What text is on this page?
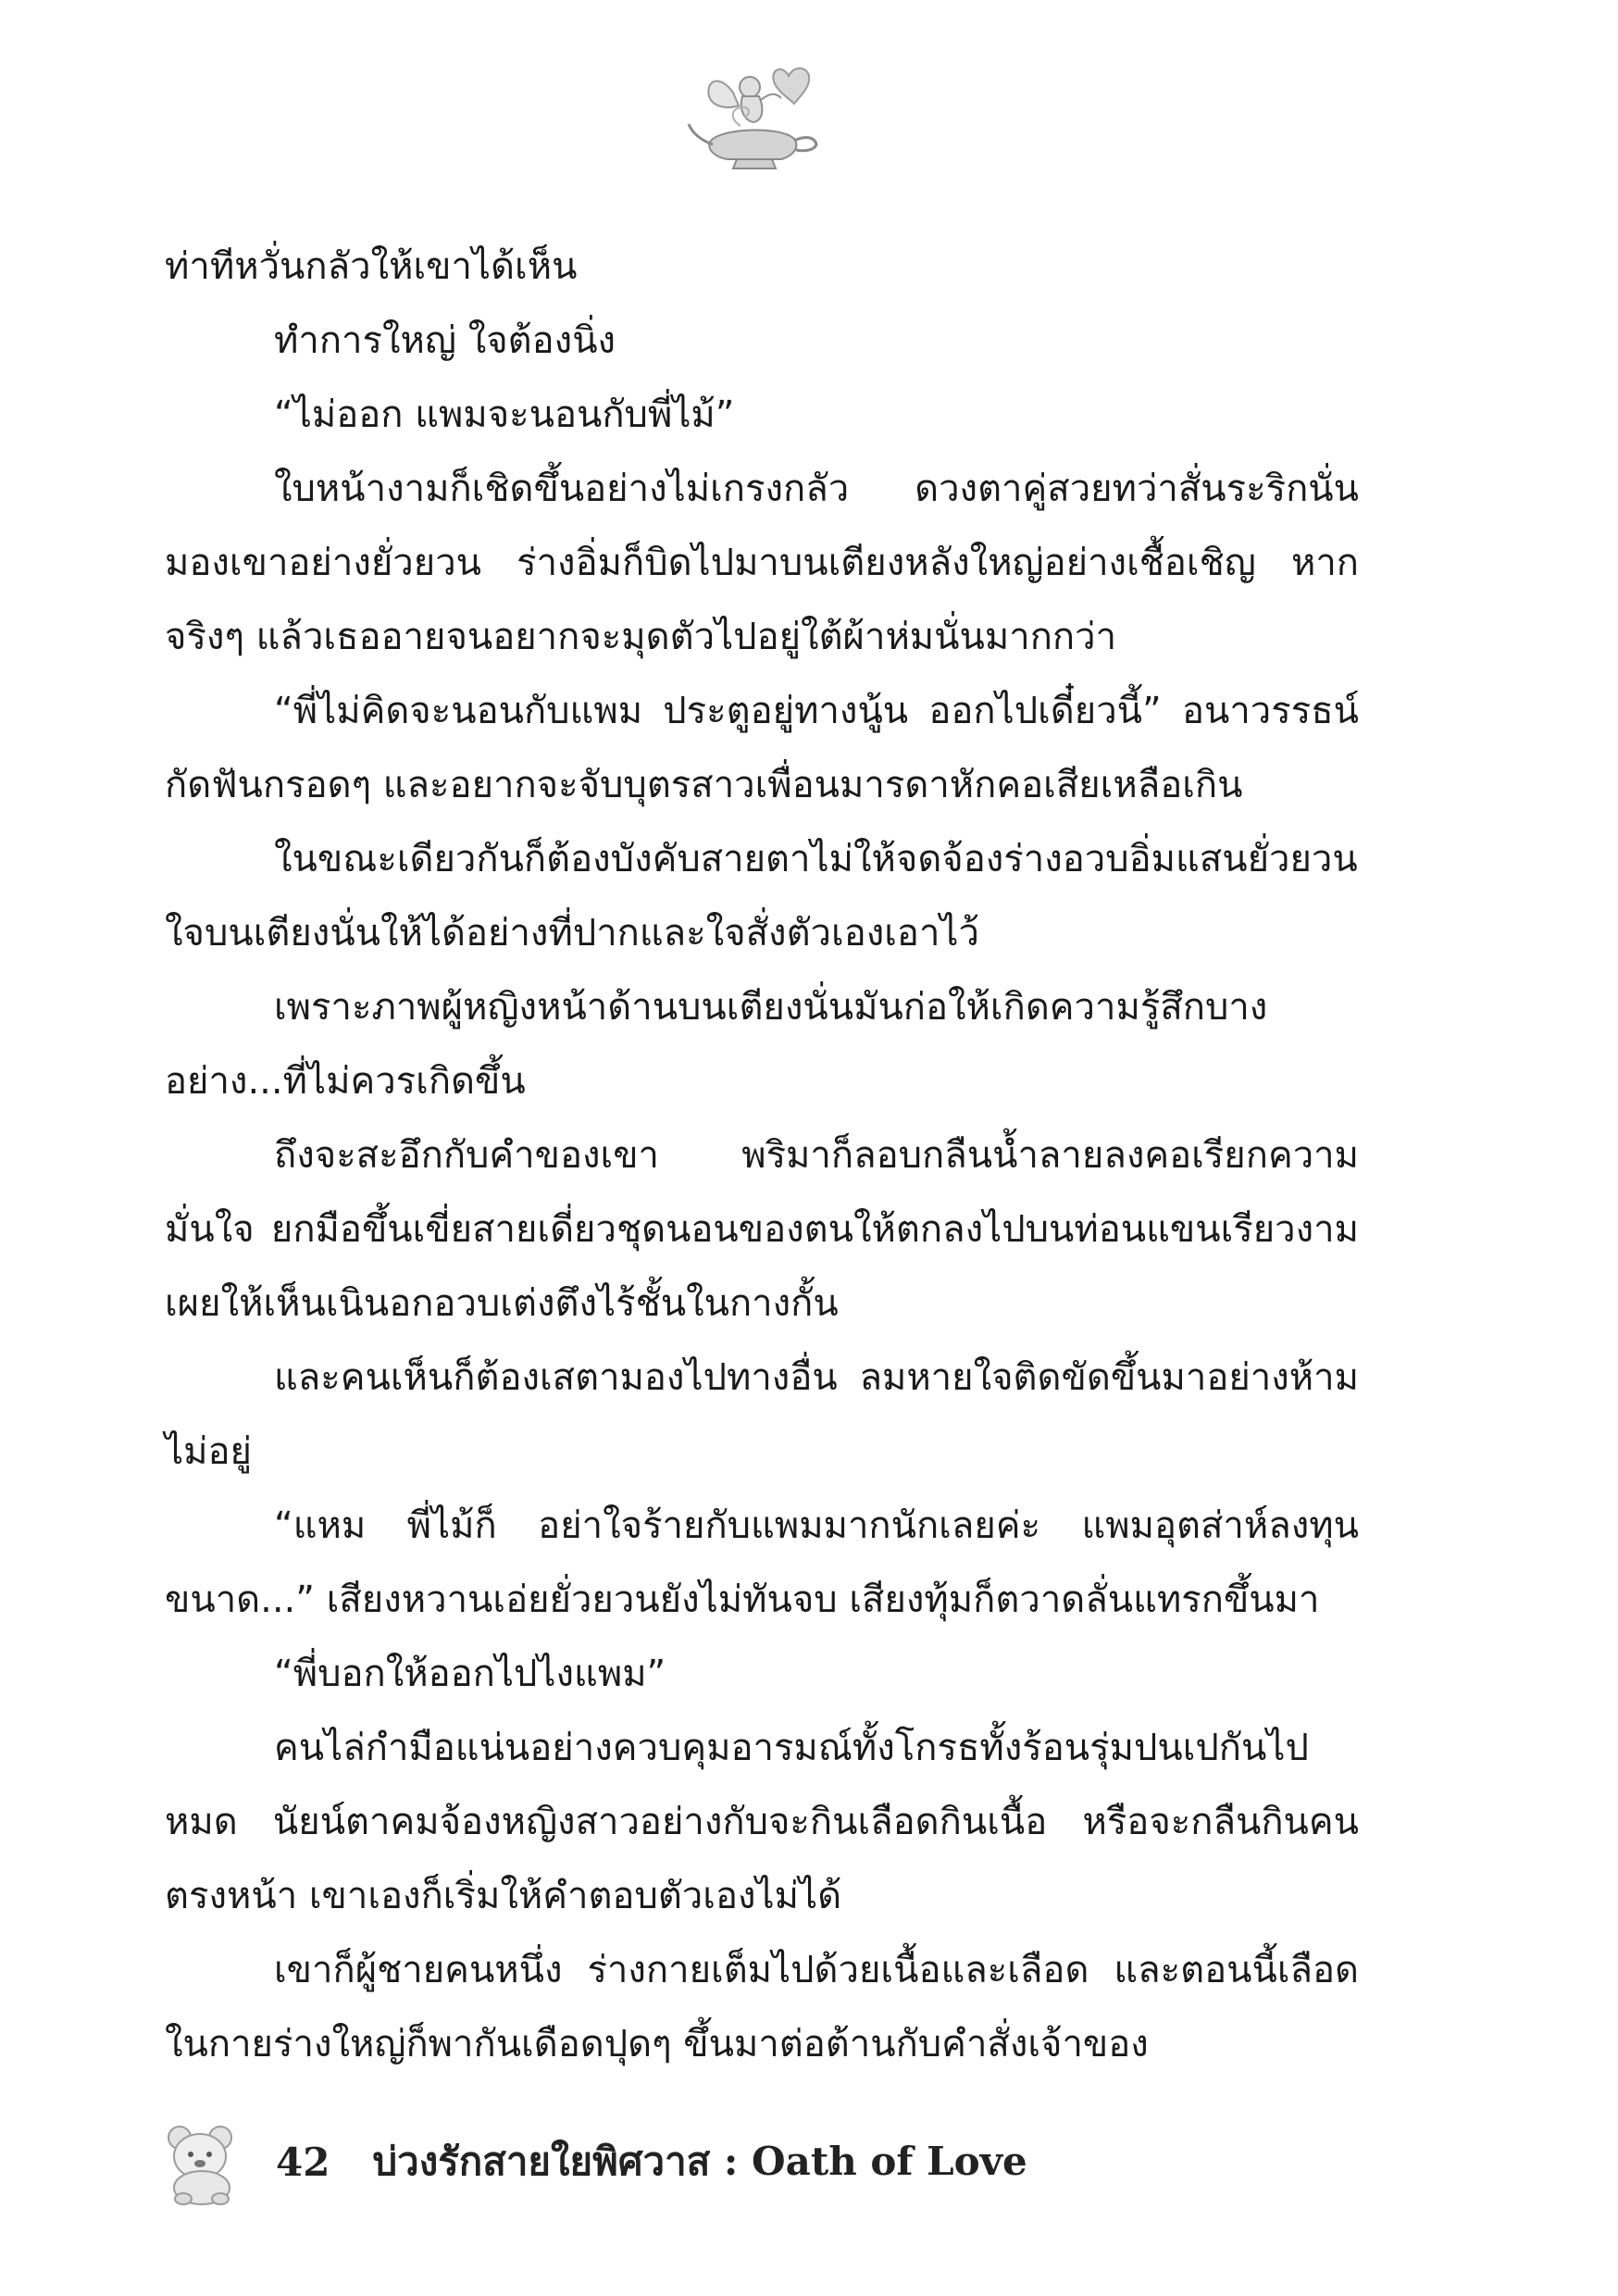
ท่าทีหวั่นกลัวให้เขาได้เห็น

ทำการใหญ่ ใจต้องนิ่ง

“ไม่ออก แพมจะนอนกับพี่ไม้”

ใบหน้างามก็เชิดขึ้นอย่างไม่เกรงกลัว ดวงตาคู่สวยทว่าสั่นระริกนั่นมองเขาอย่างยั่วยวน ร่างอิ่มก็บิดไปมาบนเตียงหลังใหญ่อย่างเชื้อเชิญ หากจริงๆ แล้วเธออายจนอยากจะมุดตัวไปอยู่ใต้ผ้าห่มนั่นมากกว่า

“พี่ไม่คิดจะนอนกับแพม ประตูอยู่ทางนู้น ออกไปเดี๋ยวนี้” อนาวรรธน์กัดฟันกรอดๆ และอยากจะจับบุตรสาวเพื่อนมารดาหักคอเสียเหลือเกิน

ในขณะเดียวกันก็ต้องบังคับสายตาไม่ให้จดจ้องร่างอวบอิ่มแสนยั่วยวนใจบนเตียงนั่นให้ได้อย่างที่ปากและใจสั่งตัวเองเอาไว้

เพราะภาพผู้หญิงหน้าด้านบนเตียงนั่นมันก่อให้เกิดความรู้สึกบางอย่าง...ที่ไม่ควรเกิดขึ้น

ถึงจะสะอึกกับคำของเขา พริมาก็ลอบกลืนน้ำลายลงคอเรียกความมั่นใจ ยกมือขึ้นเขี่ยสายเดี่ยวชุดนอนของตนให้ตกลงไปบนท่อนแขนเรียวงาม เผยให้เห็นเนินอกอวบเต่งตึงไร้ชั้นในกางกั้น

และคนเห็นก็ต้องเสตามองไปทางอื่น ลมหายใจติดขัดขึ้นมาอย่างห้ามไม่อยู่

“แหม พี่ไม้ก็ อย่าใจร้ายกับแพมมากนักเลยค่ะ แพมอุตส่าห์ลงทุนขนาด...” เสียงหวานเอ่ยยั่วยวนยังไม่ทันจบ เสียงทุ้มก็ตวาดลั่นแทรกขึ้นมา

“พี่บอกให้ออกไปไงแพม”

คนไล่กำมือแน่นอย่างควบคุมอารมณ์ทั้งโกรธทั้งร้อนรุ่มปนเปกันไปหมด นัยน์ตาคมจ้องหญิงสาวอย่างกับจะกินเลือดกินเนื้อ หรือจะกลืนกินคนตรงหน้า เขาเองก็เริ่มให้คำตอบตัวเองไม่ได้

เขาก็ผู้ชายคนหนึ่ง ร่างกายเต็มไปด้วยเนื้อและเลือด และตอนนี้เลือดในกายร่างใหญ่ก็พากันเดือดปุดๆ ขึ้นมาต่อต้านกับคำสั่งเจ้าของ

42 บ่วงรักสายใยพิศวาส : Oath of Love
